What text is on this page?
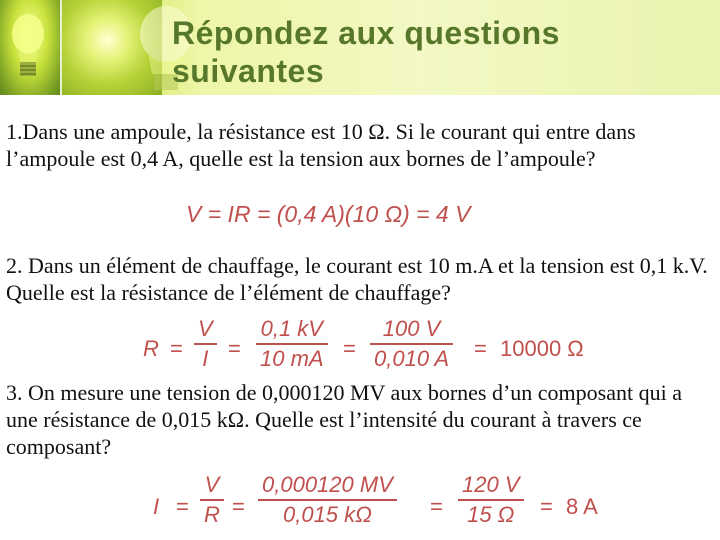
Répondez aux questions suivantes

1.Dans une ampoule, la résistance est 10 Ω. Si le courant qui entre dans l’ampoule est 0,4 A, quelle est la tension aux bornes de l’ampoule?

V = IR = (0,4 A)(10 Ω) = 4 V

2. Dans un élément de chauffage, le courant est 10 m.A et la tension est 0,1 k.V. Quelle est la résistance de l’élément de chauffage?

R =
V
I =
0,1 kV
10 mA =
100 V
0,010 A = 10000 Ω

3. On mesure une tension de 0,000120 MV aux bornes d’un composant qui a une résistance de 0,015 kΩ. Quelle est l’intensité du courant à travers ce composant?

I =
V
R =
0,000120 MV
0,015 kΩ	=
120 V
15 Ω	= 8 A
